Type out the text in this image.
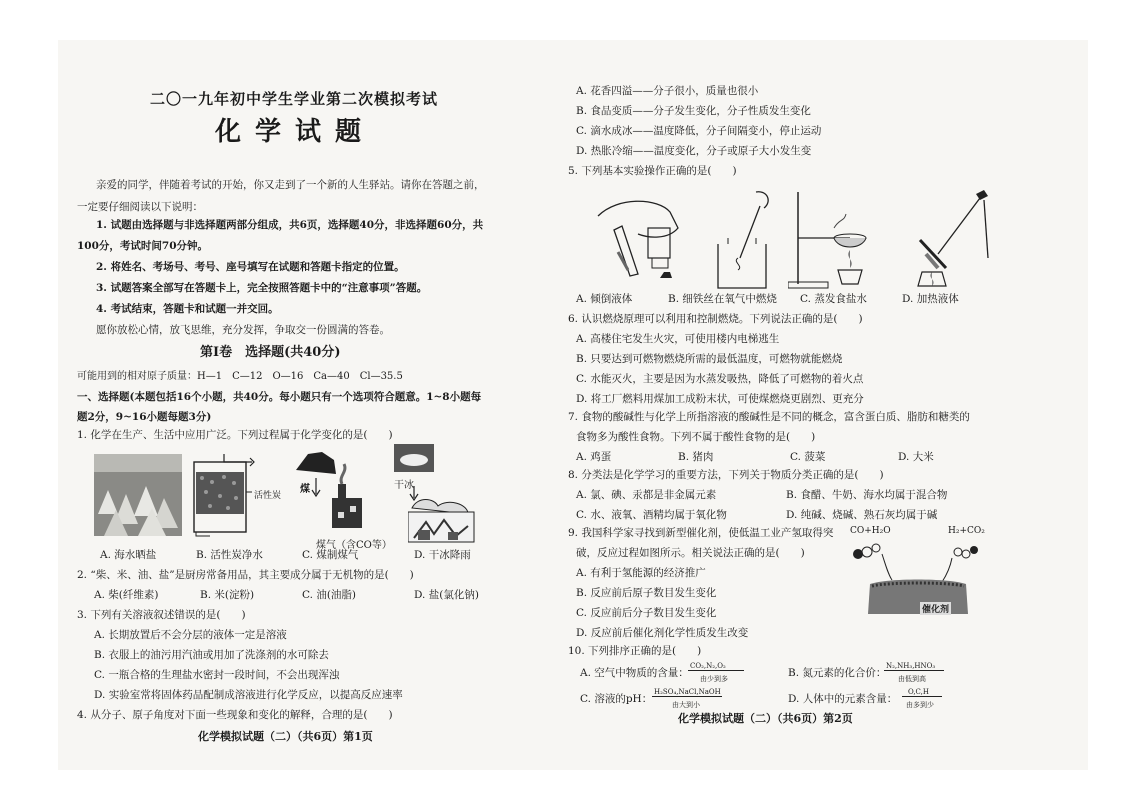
二〇一九年初中学生学业第二次模拟考试
化学试题
亲爱的同学，伴随着考试的开始，你又走到了一个新的人生驿站。请你在答题之前，
一定要仔细阅读以下说明：
1. 试题由选择题与非选择题两部分组成，共6页，选择题40分，非选择题60分，共
100分，考试时间70分钟。
2. 将姓名、考场号、考号、座号填写在试题和答题卡指定的位置。
3. 试题答案全部写在答题卡上，完全按照答题卡中的“注意事项”答题。
4. 考试结束，答题卡和试题一并交回。
愿你放松心情，放飞思维，充分发挥，争取交一份圆满的答卷。
第Ⅰ卷　选择题(共40分)
可能用到的相对原子质量：H—1　C—12　O—16　Ca—40　Cl—35.5
一、选择题(本题包括16个小题，共40分。每小题只有一个选项符合题意。1~8小题每
题2分，9~16小题每题3分)
1. 化学在生产、生活中应用广泛。下列过程属于化学变化的是(　　)
活性炭
煤
煤气（含CO等）
干冰
A. 海水晒盐	B. 活性炭净水	C. 煤制煤气	D. 干冰降雨
2. “柴、米、油、盐”是厨房常备用品，其主要成分属于无机物的是(　　)
A. 柴(纤维素)	B. 米(淀粉)	C. 油(油脂)	D. 盐(氯化钠)
3. 下列有关溶液叙述错误的是(　　)
A. 长期放置后不会分层的液体一定是溶液
B. 衣服上的油污用汽油或用加了洗涤剂的水可除去
C. 一瓶合格的生理盐水密封一段时间，不会出现浑浊
D. 实验室常将固体药品配制成溶液进行化学反应，以提高反应速率
4. 从分子、原子角度对下面一些现象和变化的解释，合理的是(　　)
化学模拟试题（二）（共6页）第1页
A. 花香四溢——分子很小，质量也很小
B. 食品变质——分子发生变化，分子性质发生变化
C. 滴水成冰——温度降低，分子间隔变小，停止运动
D. 热胀冷缩——温度变化，分子或原子大小发生变
5. 下列基本实验操作正确的是(　　)
A. 倾倒液体	B. 细铁丝在氧气中燃烧 C. 蒸发食盐水	D. 加热液体
6. 认识燃烧原理可以利用和控制燃烧。下列说法正确的是(　　)
A. 高楼住宅发生火灾，可使用楼内电梯逃生
B. 只要达到可燃物燃烧所需的最低温度，可燃物就能燃烧
C. 水能灭火，主要是因为水蒸发吸热，降低了可燃物的着火点
D. 将工厂燃料用煤加工成粉末状，可使煤燃烧更剧烈、更充分
7. 食物的酸碱性与化学上所指溶液的酸碱性是不同的概念，富含蛋白质、脂肪和糖类的
食物多为酸性食物。下列不属于酸性食物的是(　　)
A. 鸡蛋	B. 猪肉	C. 菠菜	D. 大米
8. 分类法是化学学习的重要方法，下列关于物质分类正确的是(　　)
A. 氯、碘、汞都是非金属元素	B. 食醋、牛奶、海水均属于混合物
C. 水、液氧、酒精均属于氧化物	D. 纯碱、烧碱、熟石灰均属于碱
9. 我国科学家寻找到新型催化剂，使低温工业产氢取得突
破，反应过程如图所示。相关说法正确的是(　　)
A. 有利于氢能源的经济推广
B. 反应前后原子数目发生变化
C. 反应前后分子数目发生变化
D. 反应前后催化剂化学性质发生改变
CO+H₂O	H₂+CO₂
催化剂
10. 下列排序正确的是(　　)
A. 空气中物质的含量：
CO₂,N₂,O₂
由少到多	B. 氮元素的化合价：
N₂,NH₃,HNO₃
由低到高
C. 溶液的pH：
H₂SO₄,NaCl,NaOH
由大到小	D. 人体中的元素含量：
O,C,H
由多到少
化学模拟试题（二）（共6页）第2页
